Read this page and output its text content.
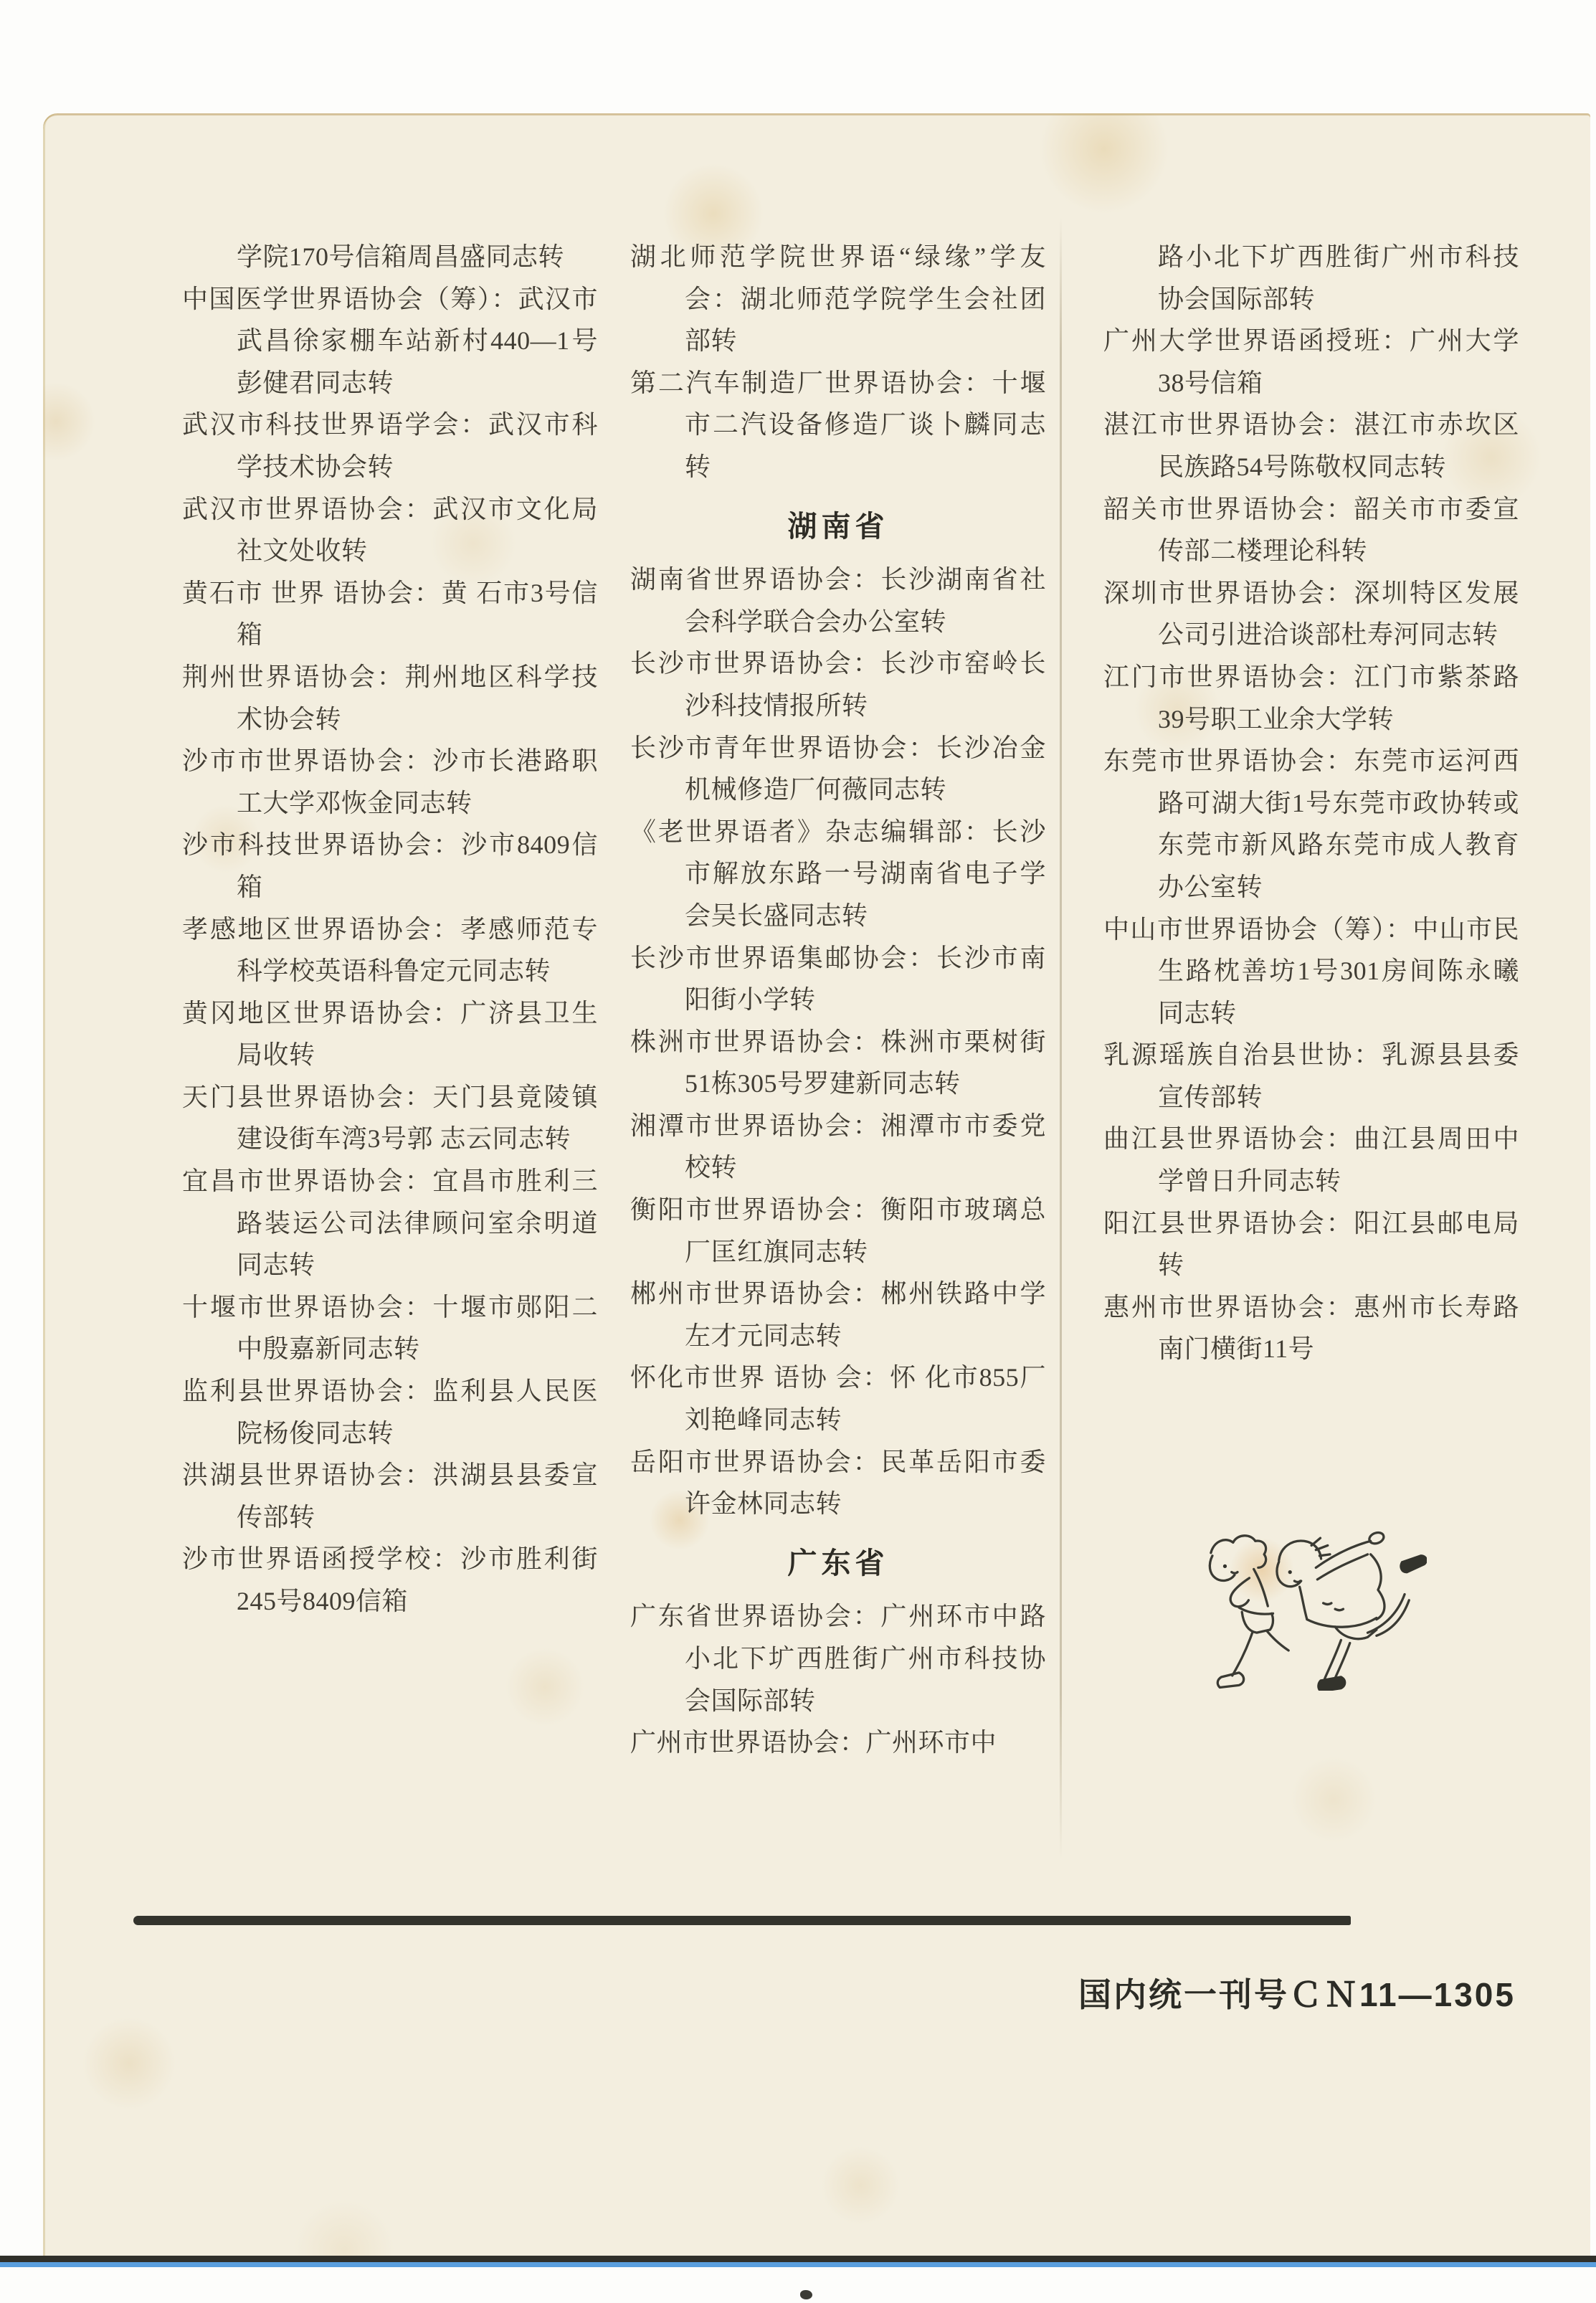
学院170号信箱周昌盛同志转

中国医学世界语协会（筹）：武汉市武昌徐家棚车站新村440—1号彭健君同志转

武汉市科技世界语学会：武汉市科学技术协会转

武汉市世界语协会：武汉市文化局社文处收转

黄石市 世界 语协会：黄 石市3号信箱

荆州世界语协会：荆州地区科学技术协会转

沙市市世界语协会：沙市长港路职工大学邓恢金同志转

沙市科技世界语协会：沙市8409信箱

孝感地区世界语协会：孝感师范专科学校英语科鲁定元同志转

黄冈地区世界语协会：广济县卫生局收转

天门县世界语协会：天门县竟陵镇建设街车湾3号郭 志云同志转

宜昌市世界语协会：宜昌市胜利三路装运公司法律顾问室余明道同志转

十堰市世界语协会：十堰市郧阳二中殷嘉新同志转

监利县世界语协会：监利县人民医院杨俊同志转

洪湖县世界语协会：洪湖县县委宣传部转

沙市世界语函授学校：沙市胜利街245号8409信箱

湖北师范学院世界语“绿缘”学友会：湖北师范学院学生会社团部转

第二汽车制造厂世界语协会：十堰市二汽设备修造厂谈卜麟同志转

湖南省

湖南省世界语协会：长沙湖南省社会科学联合会办公室转

长沙市世界语协会：长沙市窑岭长沙科技情报所转

长沙市青年世界语协会：长沙冶金机械修造厂何薇同志转

《老世界语者》杂志编辑部：长沙市解放东路一号湖南省电子学会吴长盛同志转

长沙市世界语集邮协会：长沙市南阳街小学转

株洲市世界语协会：株洲市栗树街51栋305号罗建新同志转

湘潭市世界语协会：湘潭市市委党校转

衡阳市世界语协会：衡阳市玻璃总厂匡红旗同志转

郴州市世界语协会：郴州铁路中学左才元同志转

怀化市世界 语协 会：怀 化市855厂刘艳峰同志转

岳阳市世界语协会：民革岳阳市委许金林同志转

广东省

广东省世界语协会：广州环市中路小北下圹西胜街广州市科技协会国际部转

广州市世界语协会：广州环市中

路小北下圹西胜街广州市科技协会国际部转

广州大学世界语函授班：广州大学38号信箱

湛江市世界语协会：湛江市赤坎区民族路54号陈敬权同志转

韶关市世界语协会：韶关市市委宣传部二楼理论科转

深圳市世界语协会：深圳特区发展公司引进洽谈部杜寿河同志转

江门市世界语协会：江门市紫茶路39号职工业余大学转

东莞市世界语协会：东莞市运河西路可湖大街1号东莞市政协转或东莞市新风路东莞市成人教育办公室转

中山市世界语协会（筹）：中山市民生路枕善坊1号301房间陈永曦同志转

乳源瑶族自治县世协：乳源县县委宣传部转

曲江县世界语协会：曲江县周田中学曾日升同志转

阳江县世界语协会：阳江县邮电局转

惠州市世界语协会：惠州市长寿路南门横街11号

国内统一刊号ＣＮ11—1305
